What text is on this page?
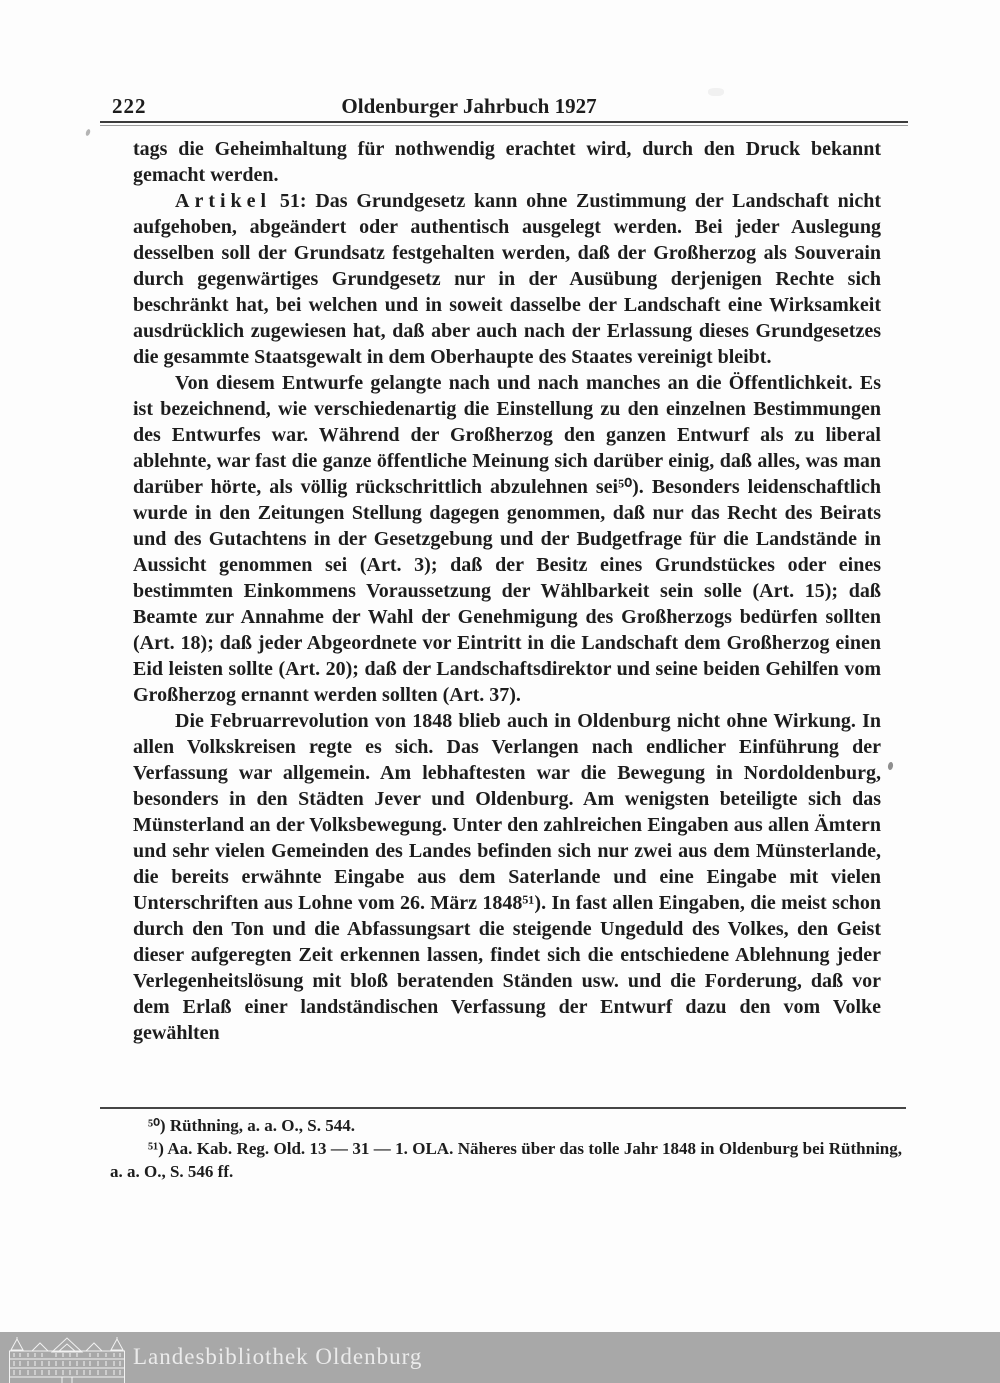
222	Oldenburger Jahrbuch 1927

tags die Geheimhaltung für nothwendig erachtet wird, durch den Druck bekannt gemacht werden.

Artikel 51: Das Grundgesetz kann ohne Zustimmung der Landschaft nicht aufgehoben, abgeändert oder authentisch ausgelegt werden. Bei jeder Auslegung desselben soll der Grundsatz festgehalten werden, daß der Großherzog als Souverain durch gegenwärtiges Grundgesetz nur in der Ausübung derjenigen Rechte sich beschränkt hat, bei welchen und in soweit dasselbe der Landschaft eine Wirksamkeit ausdrücklich zugewiesen hat, daß aber auch nach der Erlassung dieses Grundgesetzes die gesammte Staatsgewalt in dem Oberhaupte des Staates vereinigt bleibt.

Von diesem Entwurfe gelangte nach und nach manches an die Öffentlichkeit. Es ist bezeichnend, wie verschiedenartig die Einstellung zu den einzelnen Bestimmungen des Entwurfes war. Während der Großherzog den ganzen Entwurf als zu liberal ablehnte, war fast die ganze öffentliche Meinung sich darüber einig, daß alles, was man darüber hörte, als völlig rückschrittlich abzulehnen sei⁵⁰). Besonders leidenschaftlich wurde in den Zeitungen Stellung dagegen genommen, daß nur das Recht des Beirats und des Gutachtens in der Gesetzgebung und der Budgetfrage für die Landstände in Aussicht genommen sei (Art. 3); daß der Besitz eines Grundstückes oder eines bestimmten Einkommens Voraussetzung der Wählbarkeit sein solle (Art. 15); daß Beamte zur Annahme der Wahl der Genehmigung des Großherzogs bedürfen sollten (Art. 18); daß jeder Abgeordnete vor Eintritt in die Landschaft dem Großherzog einen Eid leisten sollte (Art. 20); daß der Landschaftsdirektor und seine beiden Gehilfen vom Großherzog ernannt werden sollten (Art. 37).

Die Februarrevolution von 1848 blieb auch in Oldenburg nicht ohne Wirkung. In allen Volkskreisen regte es sich. Das Verlangen nach endlicher Einführung der Verfassung war allgemein. Am lebhaftesten war die Bewegung in Nordoldenburg, besonders in den Städten Jever und Oldenburg. Am wenigsten beteiligte sich das Münsterland an der Volksbewegung. Unter den zahlreichen Eingaben aus allen Ämtern und sehr vielen Gemeinden des Landes befinden sich nur zwei aus dem Münsterlande, die bereits erwähnte Eingabe aus dem Saterlande und eine Eingabe mit vielen Unterschriften aus Lohne vom 26. März 1848⁵¹). In fast allen Eingaben, die meist schon durch den Ton und die Abfassungsart die steigende Ungeduld des Volkes, den Geist dieser aufgeregten Zeit erkennen lassen, findet sich die entschiedene Ablehnung jeder Verlegenheitslösung mit bloß beratenden Ständen usw. und die Forderung, daß vor dem Erlaß einer landständischen Verfassung der Entwurf dazu den vom Volke gewählten

⁵⁰) Rüthning, a. a. O., S. 544.

⁵¹) Aa. Kab. Reg. Old. 13 — 31 — 1. OLA. Näheres über das tolle Jahr 1848 in Oldenburg bei Rüthning, a. a. O., S. 546 ff.

Landesbibliothek Oldenburg
